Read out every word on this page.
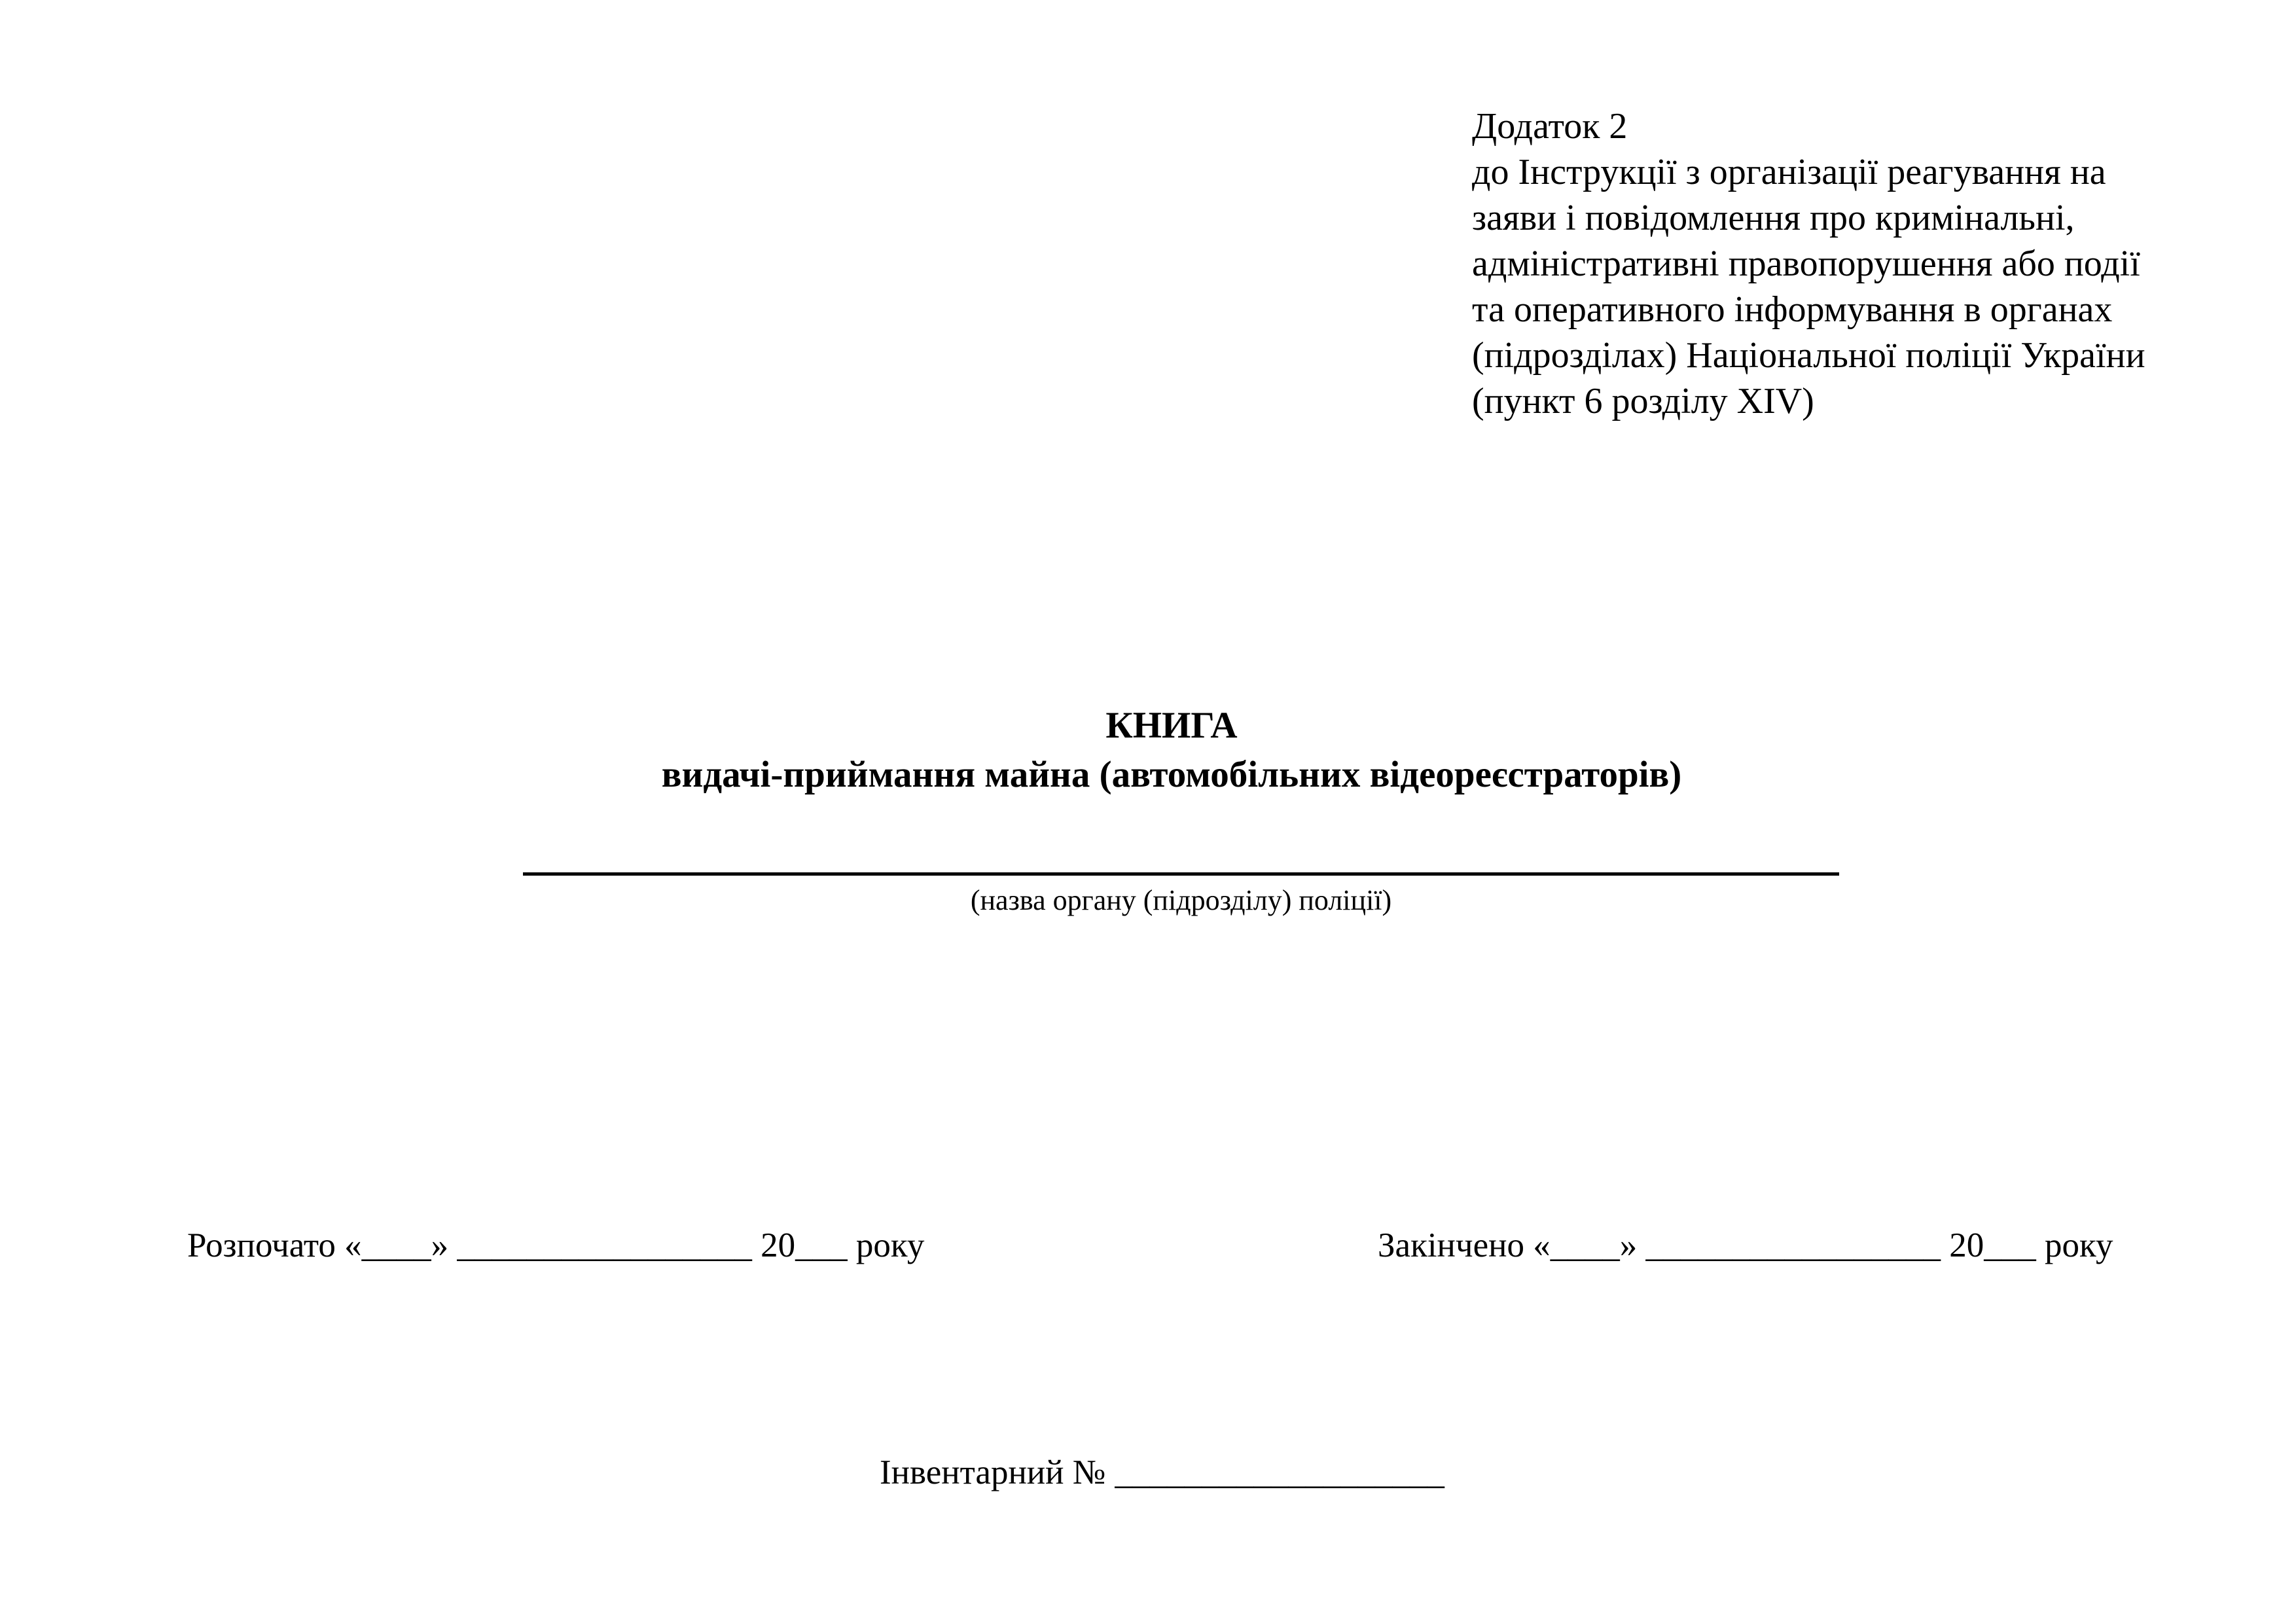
Додаток 2
до Інструкції з організації реагування на
заяви і повідомлення про кримінальні,
адміністративні правопорушення або події
та оперативного інформування в органах
(підрозділах) Національної поліції України
(пункт 6 розділу XIV)
КНИГА
видачі-приймання майна (автомобільних відеореєстраторів)
(назва органу (підрозділу) поліції)
Розпочато «____» _________________ 20___ року	Закінчено «____» _________________ 20___ року
Інвентарний № ___________________
